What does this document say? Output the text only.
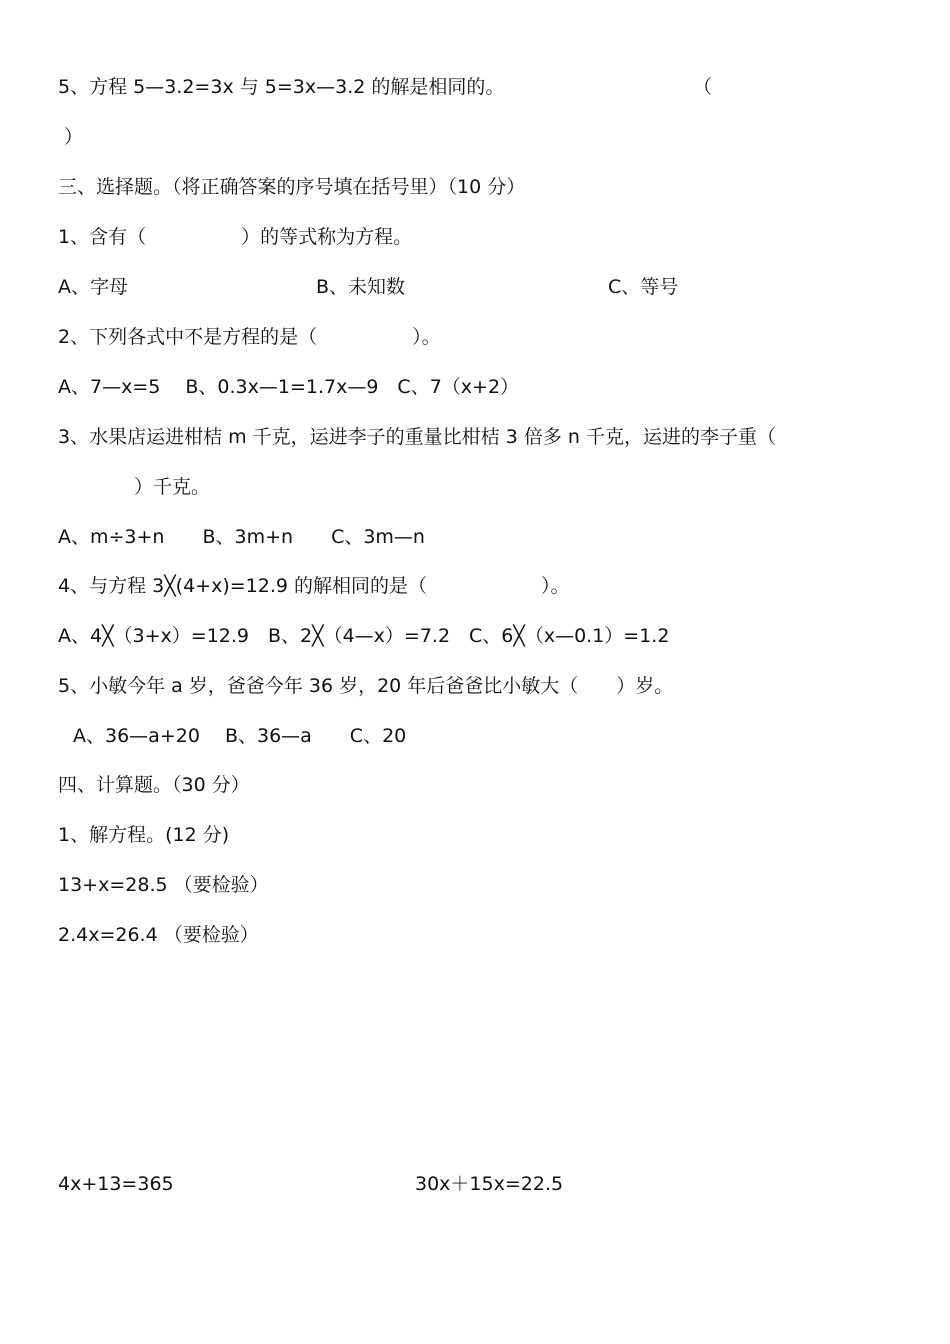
5、方程 5—3.2=3x 与 5=3x—3.2 的解是相同的。	（
）
三、选择题。（将正确答案的序号填在括号里）（10 分）
1、含有（　　　　　）的等式称为方程。
A、字母	B、未知数	C、等号
2、下列各式中不是方程的是（　　　　　）。
A、7—x=5　 B、0.3x—1=1.7x—9　C、7（x+2）
3、水果店运进柑桔 m 千克，运进李子的重量比柑桔 3 倍多 n 千克，运进的李子重（
　　　　）千克。
A、m÷3+n　　B、3m+n　　C、3m—n
4、与方程 3╳(4+x)=12.9 的解相同的是（　　　　　　）。
A、4╳（3+x）=12.9　B、2╳（4—x）=7.2　C、6╳（x—0.1）=1.2
5、小敏今年 a 岁，爸爸今年 36 岁，20 年后爸爸比小敏大（　　）岁。
A、36—a+20　 B、36—a　　C、20
四、计算题。（30 分）
1、解方程。(12 分)
13+x=28.5 （要检验）
2.4x=26.4 （要检验）
4x+13=365	30x＋15x=22.5
